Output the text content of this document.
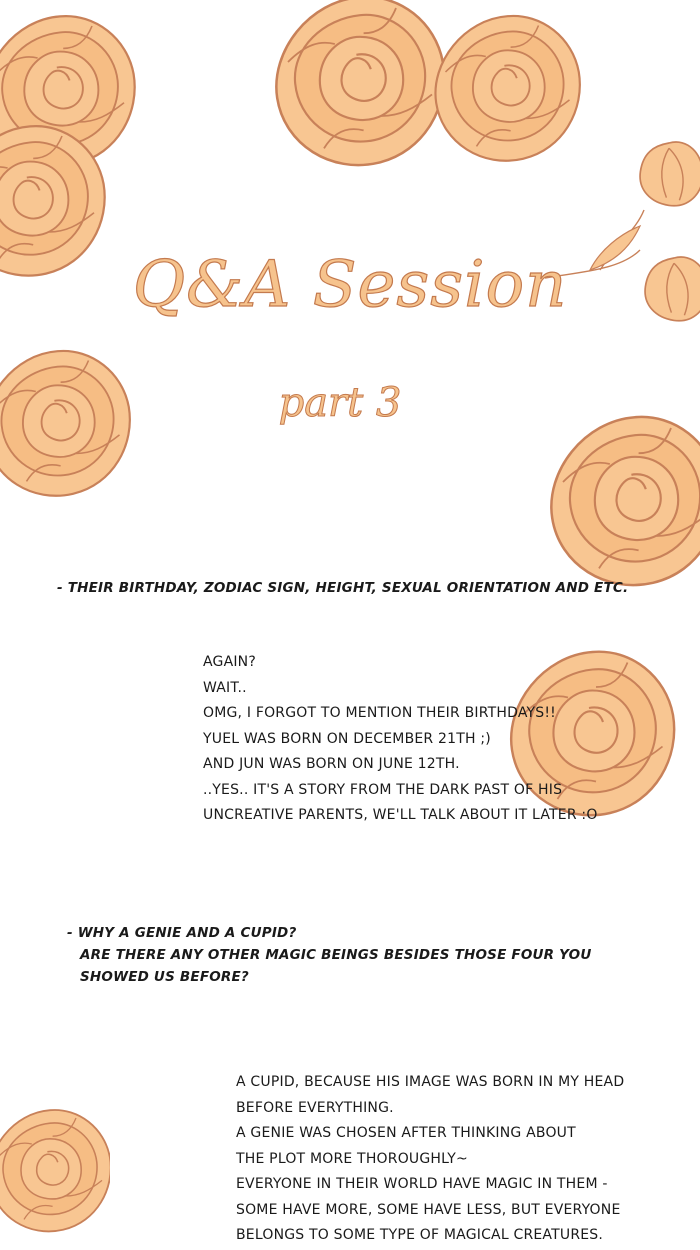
Q&A Session
part 3
- THEIR BIRTHDAY, ZODIAC SIGN, HEIGHT, SEXUAL ORIENTATION AND ETC.
AGAIN?
WAIT..
OMG, I FORGOT TO MENTION THEIR BIRTHDAYS!!
YUEL WAS BORN ON DECEMBER 21TH ;)
AND JUN WAS BORN ON JUNE 12TH.
..YES.. IT'S A STORY FROM THE DARK PAST OF HIS
UNCREATIVE PARENTS, WE'LL TALK ABOUT IT LATER :O
- WHY A GENIE AND A CUPID?
ARE THERE ANY OTHER MAGIC BEINGS BESIDES THOSE FOUR YOU
SHOWED US BEFORE?
A CUPID, BECAUSE HIS IMAGE WAS BORN IN MY HEAD
BEFORE EVERYTHING.
A GENIE WAS CHOSEN AFTER THINKING ABOUT
THE PLOT MORE THOROUGHLY~
EVERYONE IN THEIR WORLD HAVE MAGIC IN THEM -
SOME HAVE MORE, SOME HAVE LESS, BUT EVERYONE
BELONGS TO SOME TYPE OF MAGICAL CREATURES.
